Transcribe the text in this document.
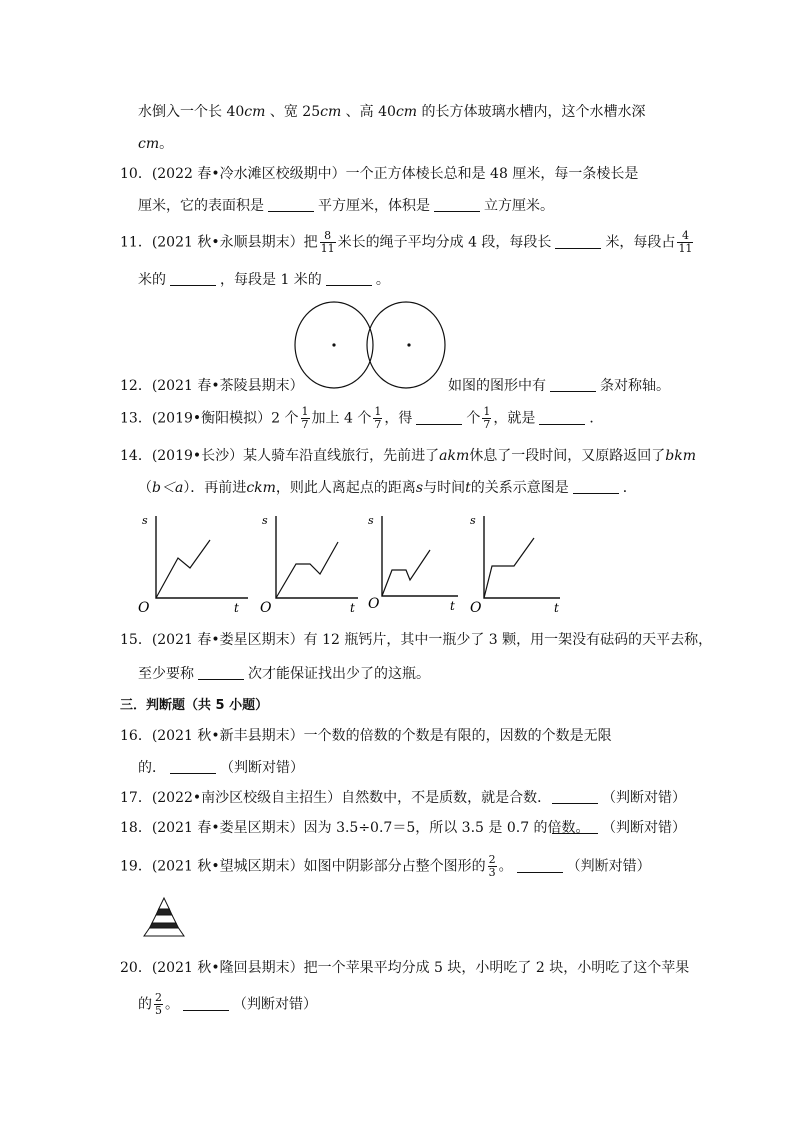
水倒入一个长 40cm 、宽 25cm 、高 40cm 的长方体玻璃水槽内，这个水槽水深
cm。
10．(2022 春•冷水滩区校级期中）一个正方体棱长总和是 48 厘米，每一条棱长是
厘米，它的表面积是	平方厘米，体积是	立方厘米。
11．(2021 秋•永顺县期末）把 $\frac{8}{11}$ 米长的绳子平均分成 4 段，每段长	米，每段占 $\frac{4}{11}$
米的	，每段是 1 米的	。
12．(2021 春•茶陵县期末）	如图的图形中有	条对称轴。
13．(2019•衡阳模拟）2 个 $\frac{1}{7}$ 加上 4 个 $\frac{1}{7}$ ，得	个 $\frac{1}{7}$ ，就是	．
14．(2019•长沙）某人骑车沿直线旅行，先前进了akm休息了一段时间，又原路返回了bkm
（b＜a）．再前进ckm，则此人离起点的距离s与时间t的关系示意图是	．
s
t
O
s
t
O
s
t
O
s
t
O
15．(2021 春•娄星区期末）有 12 瓶钙片，其中一瓶少了 3 颗，用一架没有砝码的天平去称，
至少要称	次才能保证找出少了的这瓶。
三．判断题（共 5 小题）
16．(2021 秋•新丰县期末）一个数的倍数的个数是有限的，因数的个数是无限
的．	（判断对错）
17．(2022•南沙区校级自主招生）自然数中，不是质数，就是合数．	（判断对错）
18．(2021 春•娄星区期末）因为 3.5÷0.7＝5，所以 3.5 是 0.7 的倍数。 （判断对错）
19．(2021 秋•望城区期末）如图中阴影部分占整个图形的 $\frac{2}{3}$ 。	（判断对错）
20．(2021 秋•隆回县期末）把一个苹果平均分成 5 块，小明吃了 2 块，小明吃了这个苹果
的 $\frac{2}{5}$ 。	（判断对错）
